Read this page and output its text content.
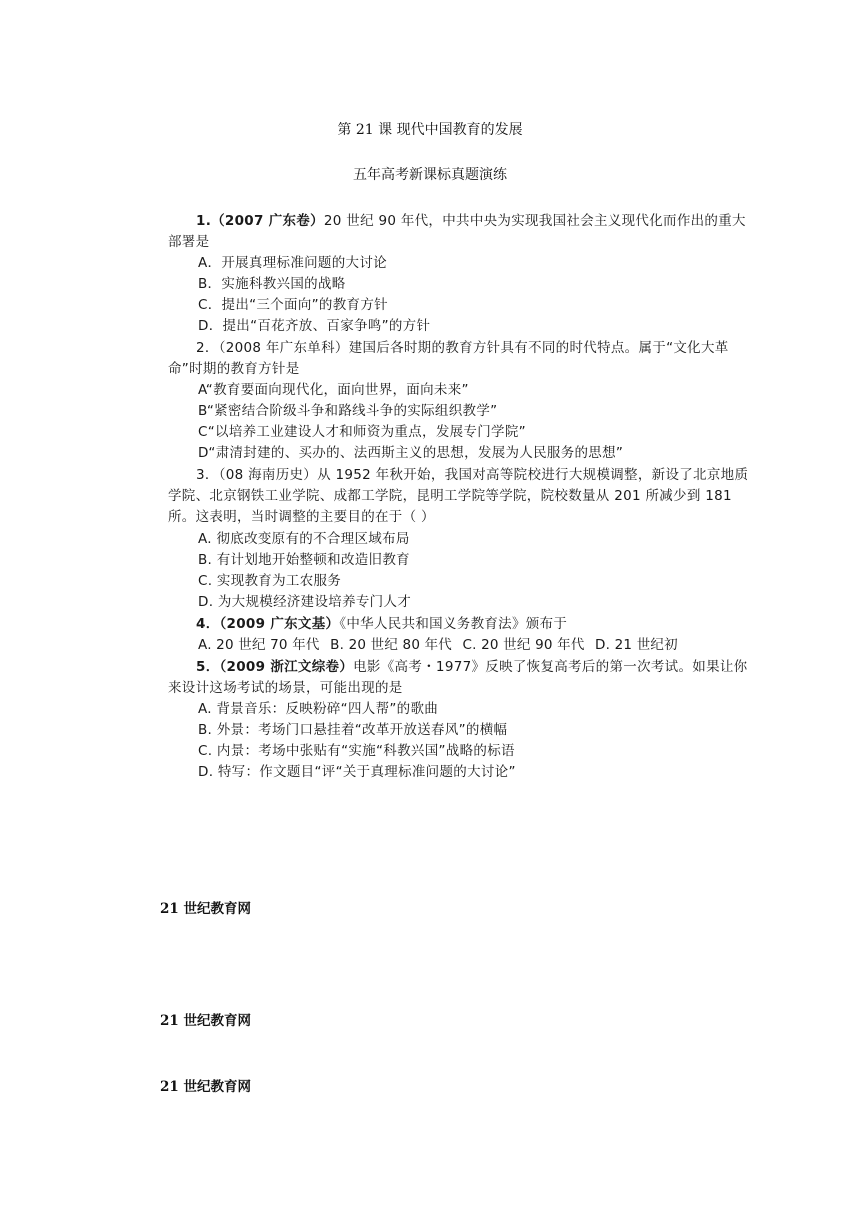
第 21 课 现代中国教育的发展
五年高考新课标真题演练
1.（2007 广东卷）20 世纪 90 年代，中共中央为实现我国社会主义现代化而作出的重大部署是
A．开展真理标准问题的大讨论
B．实施科教兴国的战略
C．提出“三个面向”的教育方针
D．提出“百花齐放、百家争鸣”的方针
2．（2008 年广东单科）建国后各时期的教育方针具有不同的时代特点。属于“文化大革命”时期的教育方针是
A“教育要面向现代化，面向世界，面向未来”
B“紧密结合阶级斗争和路线斗争的实际组织教学”
C“以培养工业建设人才和师资为重点，发展专门学院”
D“肃清封建的、买办的、法西斯主义的思想，发展为人民服务的思想”
3．（08 海南历史）从 1952 年秋开始，我国对高等院校进行大规模调整，新设了北京地质学院、北京钢铁工业学院、成都工学院，昆明工学院等学院，院校数量从 201 所减少到 181 所。这表明，当时调整的主要目的在于（ ）
A. 彻底改变原有的不合理区域布局
B. 有计划地开始整顿和改造旧教育
C. 实现教育为工农服务
D. 为大规模经济建设培养专门人才
4．（2009 广东文基）《中华人民共和国义务教育法》颁布于
A. 20 世纪 70 年代 B. 20 世纪 80 年代 C. 20 世纪 90 年代 D. 21 世纪初
5．（2009 浙江文综卷）电影《高考・1977》反映了恢复高考后的第一次考试。如果让你来设计这场考试的场景，可能出现的是
A. 背景音乐：反映粉碎“四人帮”的歌曲
B. 外景：考场门口悬挂着“改革开放送春风”的横幅
C. 内景：考场中张贴有“实施“科教兴国”战略的标语
D. 特写：作文题目“评“关于真理标准问题的大讨论”
21 世纪教育网
21 世纪教育网
21 世纪教育网
